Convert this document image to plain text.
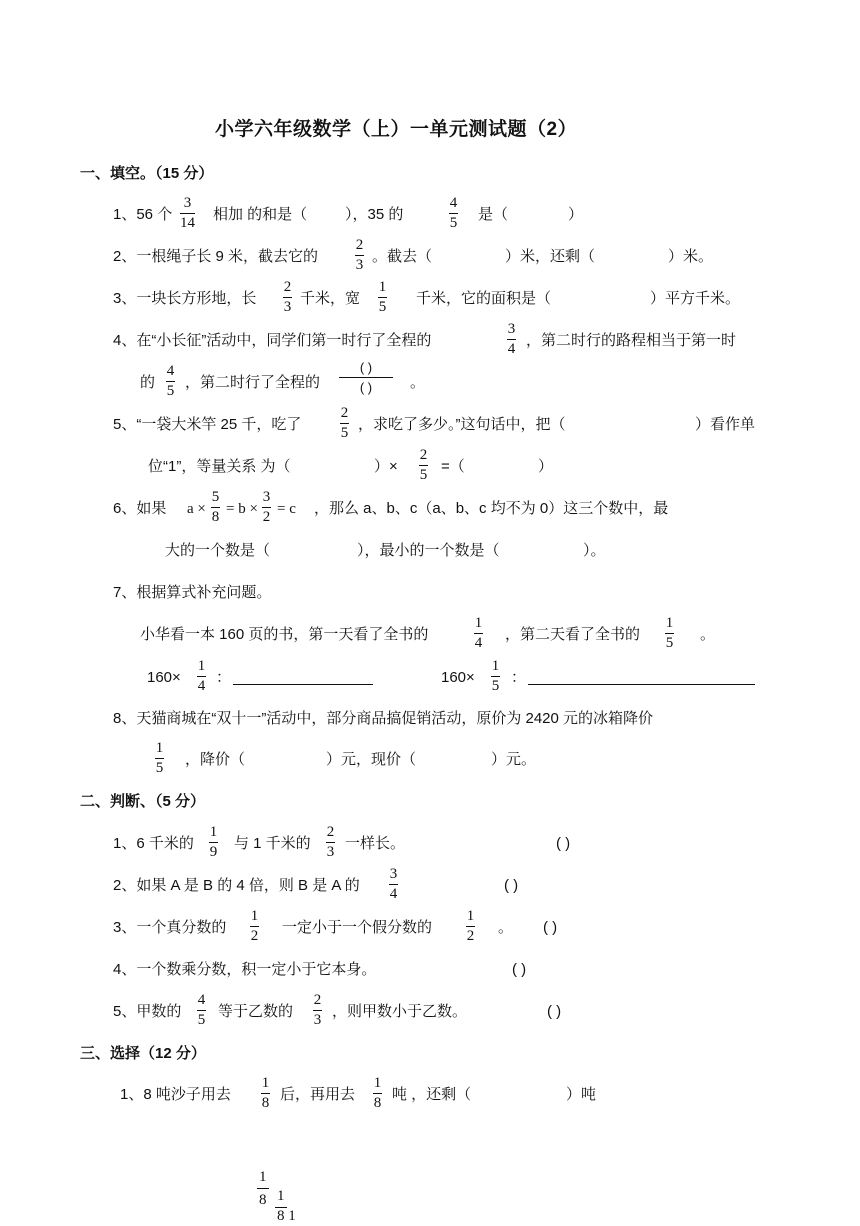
小学六年级数学（上）一单元测试题（2）
一、填空。（15 分）
1、56 个
3
14 相加 的和是（	），35 的
4
5 是（	）
2、一根绳子长 9 米，截去它的
2
3 。截去（	）米，还剩（	）米。
3、一块长方形地，长
2
3 千米，宽
1
5 千米，它的面积是（	）平方千米。
4、在“小长征”活动中，同学们第一时行了全程的
3
4 ，第二时行的路程相当于第一时
的
4
5 ，第二时行了全程的
( )
( )	。
5、“一袋大米竿 25 千，吃了
2
5 ，求吃了多少。”这句话中，把（	）看作单
位“1”，等量关系 为（	）×
2
5 =（	）
6、如果 a ×
5
8 = b ×
3
2 = c ，那么 a、b、c（a、b、c 均不为 0）这三个数中，最
大的一个数是（	），最小的一个数是（	）。
7、根据算式补充问题。
小华看一本 160 页的书，第一天看了全书的
1
4 ，第二天看了全书的
1
5 。
160×
1
4 ：	160×
1
5 ：
8、天猫商城在“双十一”活动中，部分商品搞促销活动，原价为 2420 元的冰箱降价
1
5 ，降价（	）元，现价（	）元。
二、判断、（5 分）
1、6 千米的
1
9 与 1 千米的
2
3 一样长。	( )
2、如果 A 是 B 的 4 倍，则 B 是 A 的
3
4	( )
3、一个真分数的
1
2 一定小于一个假分数的
1
2 。 ( )
4、一个数乘分数，积一定小于它本身。	( )
5、甲数的
4
5 等于乙数的
2
3 ，则甲数小于乙数。	( )
三、选择（12 分）
1、8 吨沙子用去
1
8 后，再用去
1
8 吨 ，还剩（	）吨
1
8 1
8 1
